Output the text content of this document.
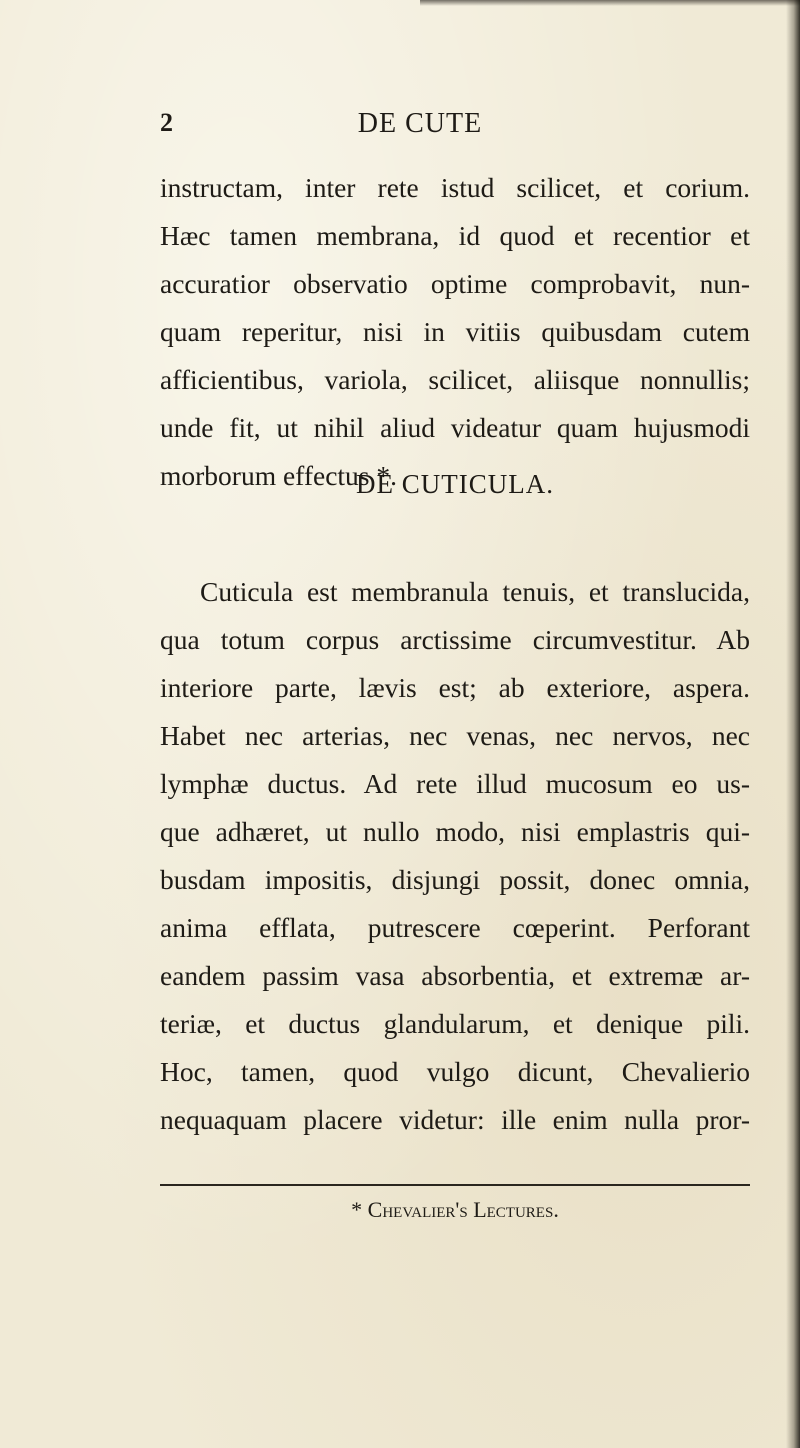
2	DE CUTE
instructam, inter rete istud scilicet, et corium.
Hæc tamen membrana, id quod et recentior et
accuratior observatio optime comprobavit, nun-
quam reperitur, nisi in vitiis quibusdam cutem
afficientibus, variola, scilicet, aliisque nonnullis;
unde fit, ut nihil aliud videatur quam hujusmodi
morborum effectus *.
DE CUTICULA.
Cuticula est membranula tenuis, et translucida,
qua totum corpus arctissime circumvestitur. Ab
interiore parte, lævis est; ab exteriore, aspera.
Habet nec arterias, nec venas, nec nervos, nec
lymphæ ductus. Ad rete illud mucosum eo us-
que adhæret, ut nullo modo, nisi emplastris qui-
busdam impositis, disjungi possit, donec omnia,
anima efflata, putrescere cœperint. Perforant
eandem passim vasa absorbentia, et extremæ ar-
teriæ, et ductus glandularum, et denique pili.
Hoc, tamen, quod vulgo dicunt, Chevalierio
nequaquam placere videtur: ille enim nulla pror-
* Chevalier's Lectures.
